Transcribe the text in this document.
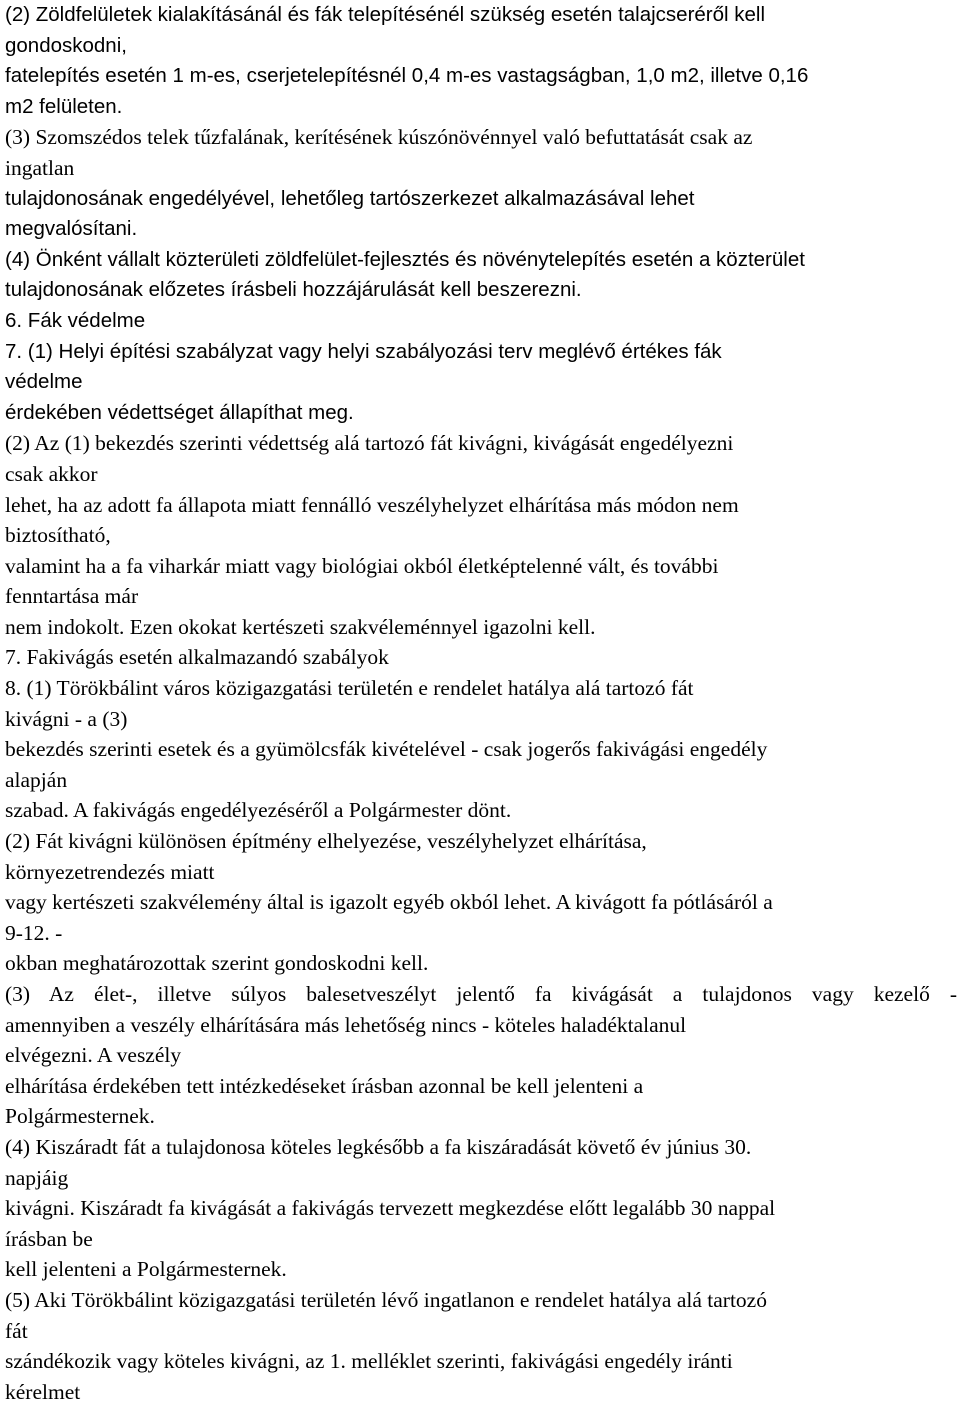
(2) Zöldfelületek kialakításánál és fák telepítésénél szükség esetén talajcseréről kell
gondoskodni,
fatelepítés esetén 1 m-es, cserjetelepítésnél 0,4 m-es vastagságban, 1,0 m2, illetve 0,16
m2 felületen.
(3) Szomszédos telek tűzfalának, kerítésének kúszónövénnyel való befuttatását csak az
ingatlan
tulajdonosának engedélyével, lehetőleg tartószerkezet alkalmazásával lehet
megvalósítani.
(4) Önként vállalt közterületi zöldfelület-fejlesztés és növénytelepítés esetén a közterület
tulajdonosának előzetes írásbeli hozzájárulását kell beszerezni.
6. Fák védelme
7. (1) Helyi építési szabályzat vagy helyi szabályozási terv meglévő értékes fák
védelme
érdekében védettséget állapíthat meg.
(2) Az (1) bekezdés szerinti védettség alá tartozó fát kivágni, kivágását engedélyezni
csak akkor
lehet, ha az adott fa állapota miatt fennálló veszélyhelyzet elhárítása más módon nem
biztosítható,
valamint ha a fa viharkár miatt vagy biológiai okból életképtelenné vált, és további
fenntartása már
nem indokolt. Ezen okokat kertészeti szakvéleménnyel igazolni kell.
7. Fakivágás esetén alkalmazandó szabályok
8. (1) Törökbálint város közigazgatási területén e rendelet hatálya alá tartozó fát
kivágni - a (3)
bekezdés szerinti esetek és a gyümölcsfák kivételével - csak jogerős fakivágási engedély
alapján
szabad. A fakivágás engedélyezéséről a Polgármester dönt.
(2) Fát kivágni különösen építmény elhelyezése, veszélyhelyzet elhárítása,
környezetrendezés miatt
vagy kertészeti szakvélemény által is igazolt egyéb okból lehet. A kivágott fa pótlásáról a
9-12. -
okban meghatározottak szerint gondoskodni kell.
(3) Az élet-, illetve súlyos balesetveszélyt jelentő fa kivágását a tulajdonos vagy kezelő -
amennyiben a veszély elhárítására más lehetőség nincs - köteles haladéktalanul
elvégezni. A veszély
elhárítása érdekében tett intézkedéseket írásban azonnal be kell jelenteni a
Polgármesternek.
(4) Kiszáradt fát a tulajdonosa köteles legkésőbb a fa kiszáradását követő év június 30.
napjáig
kivágni. Kiszáradt fa kivágását a fakivágás tervezett megkezdése előtt legalább 30 nappal
írásban be
kell jelenteni a Polgármesternek.
(5) Aki Törökbálint közigazgatási területén lévő ingatlanon e rendelet hatálya alá tartozó
fát
szándékozik vagy köteles kivágni, az 1. melléklet szerinti, fakivágási engedély iránti
kérelmet
